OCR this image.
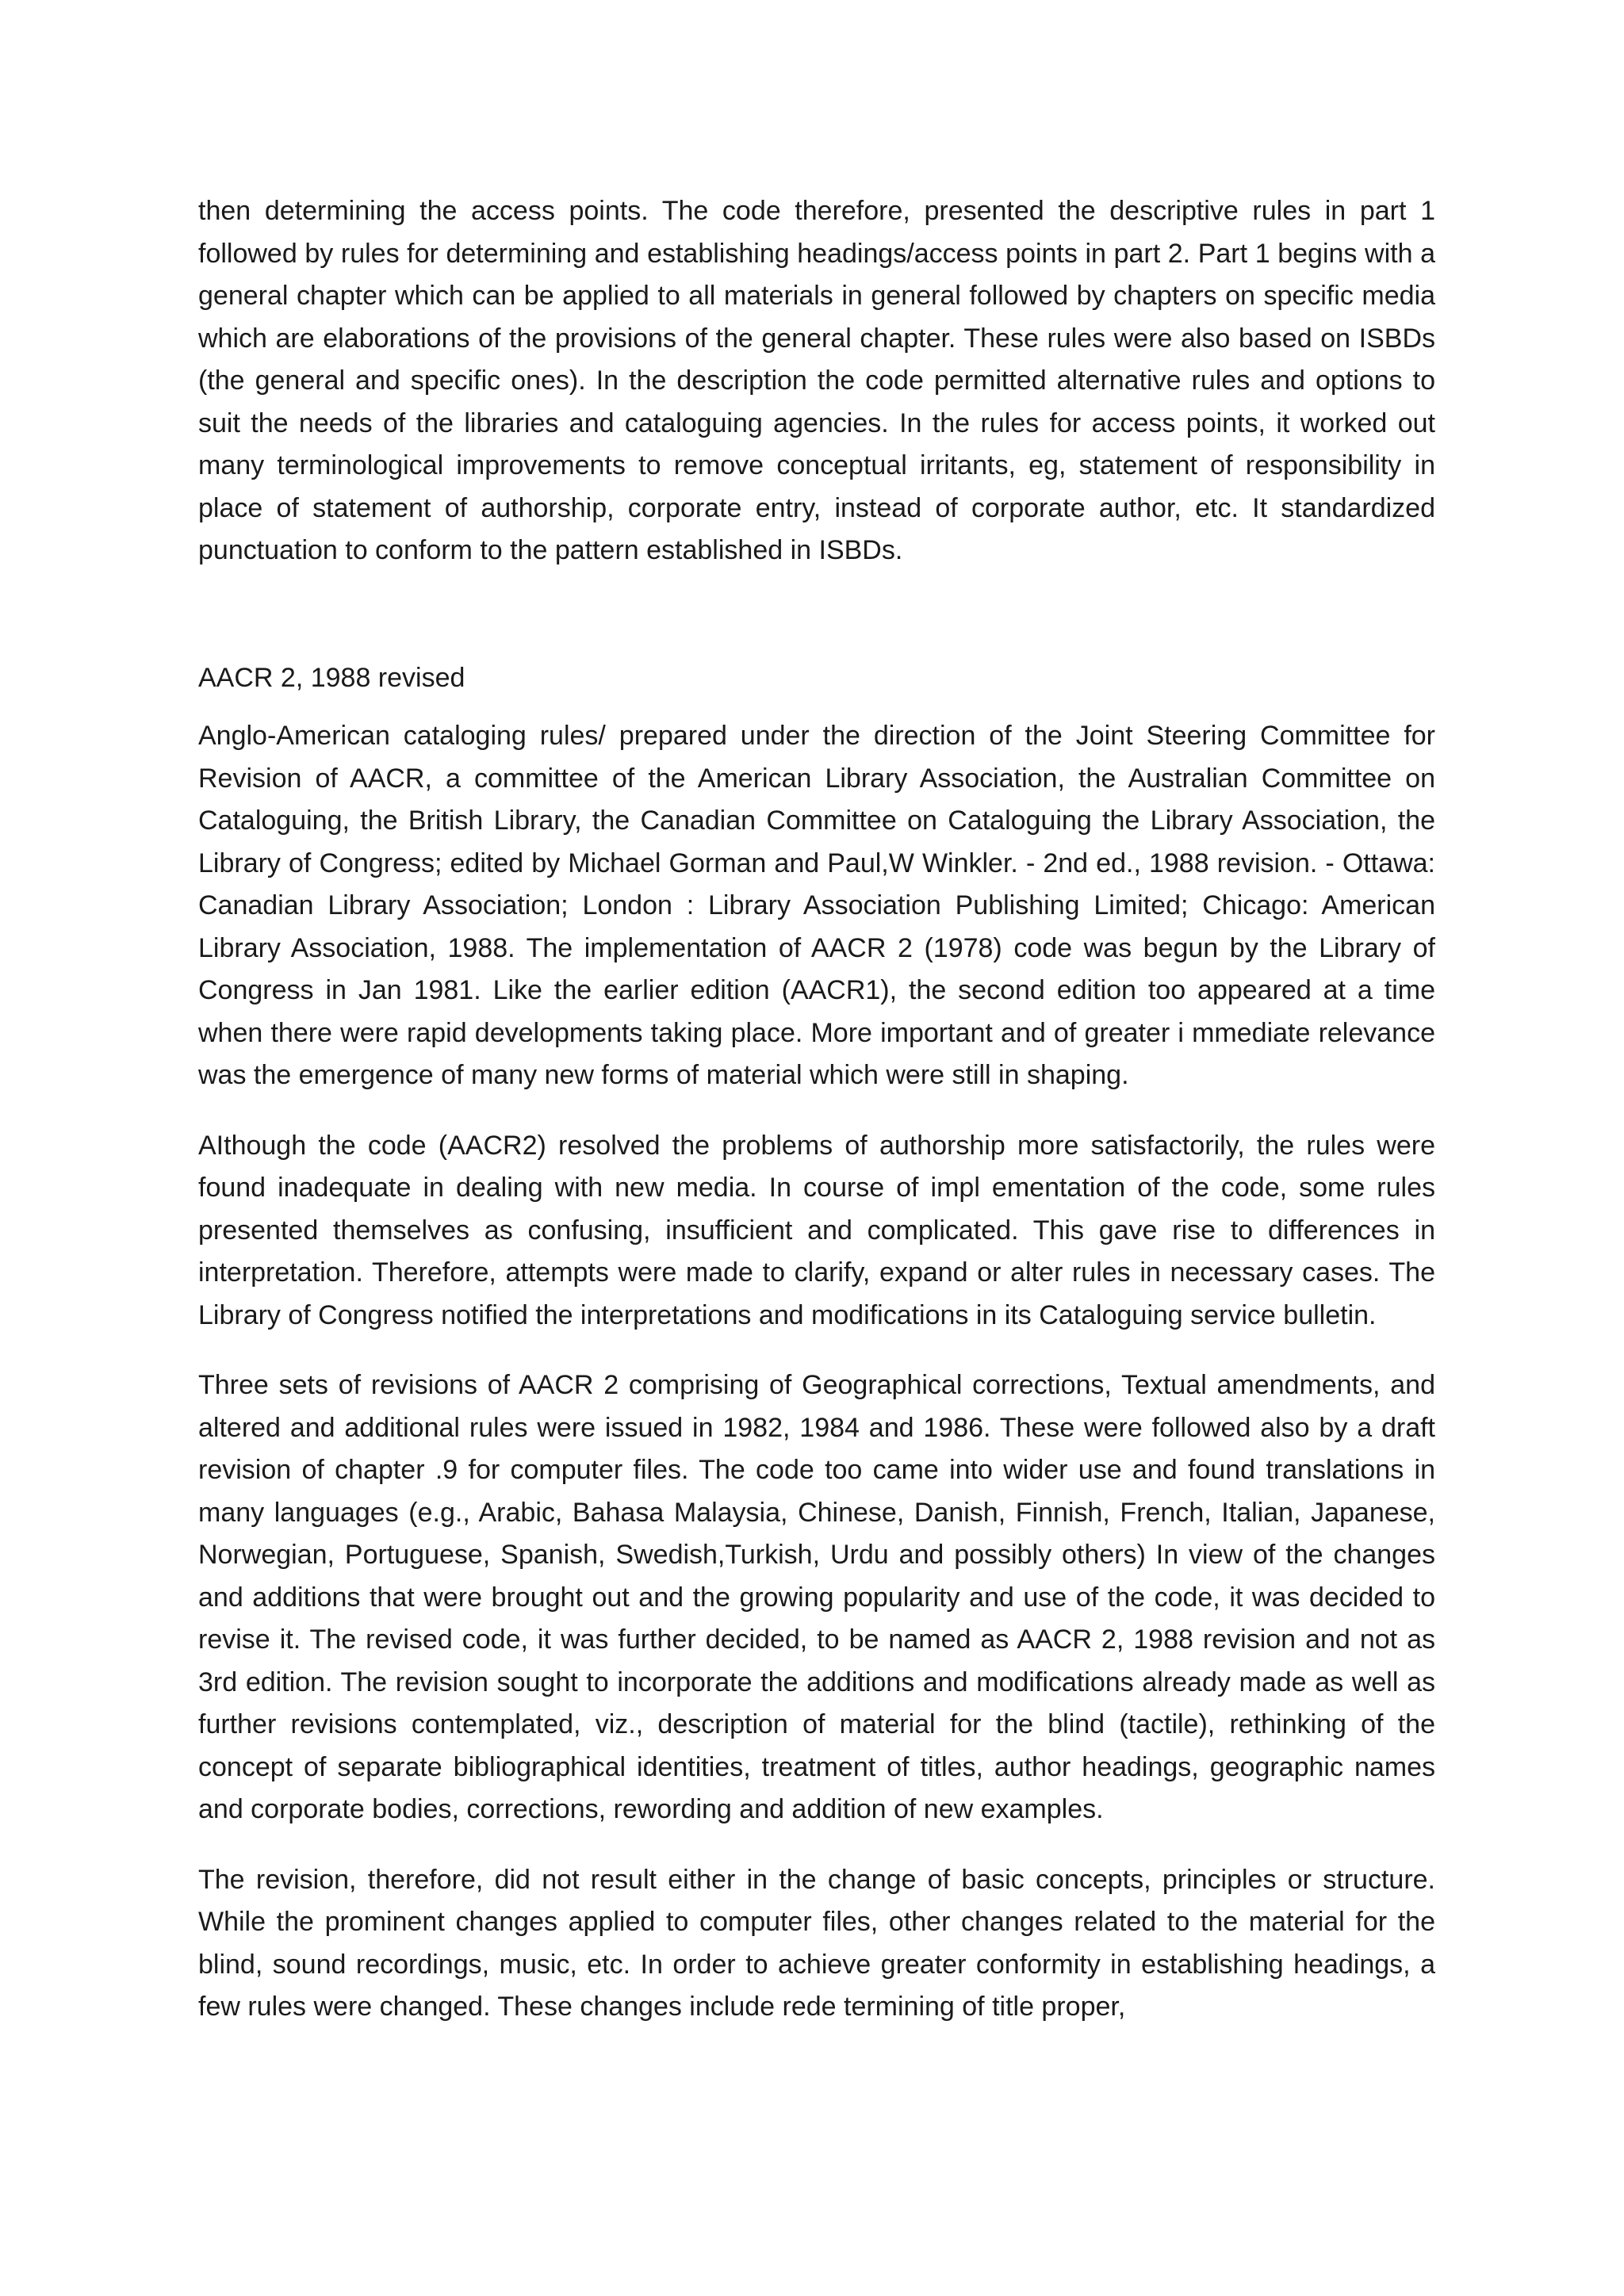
then determining the access points. The code therefore, presented the descriptive rules in part 1 followed by rules for determining and establishing headings/access points in part 2. Part 1 begins with a general chapter which can be applied to all materials in general followed by chapters on specific media which are elaborations of the provisions of the general chapter. These rules were also based on ISBDs (the general and specific ones). In the description the code permitted alternative rules and options to suit the needs of the libraries and cataloguing agencies. In the rules for access points, it worked out many terminological improvements to remove conceptual irritants, eg, statement of responsibility in place of statement of authorship, corporate entry, instead of corporate author, etc. It standardized punctuation to conform to the pattern established in ISBDs.

AACR 2, 1988 revised

Anglo-American cataloging rules/ prepared under the direction of the Joint Steering Committee for Revision of AACR, a committee of the American Library Association, the Australian Committee on Cataloguing, the British Library, the Canadian Committee on Cataloguing the Library Association, the Library of Congress; edited by Michael Gorman and Paul,W Winkler. - 2nd ed., 1988 revision. - Ottawa: Canadian Library Association; London : Library Association Publishing Limited; Chicago: American Library Association, 1988. The implementation of AACR 2 (1978) code was begun by the Library of Congress in Jan 1981. Like the earlier edition (AACR1), the second edition too appeared at a time when there were rapid developments taking place. More important and of greater i mmediate relevance was the emergence of many new forms of material which were still in shaping.

AIthough the code (AACR2) resolved the problems of authorship more satisfactorily, the rules were found inadequate in dealing with new media. In course of impl ementation of the code, some rules presented themselves as confusing, insufficient and complicated. This gave rise to differences in interpretation. Therefore, attempts were made to clarify, expand or alter rules in necessary cases. The Library of Congress notified the interpretations and modifications in its Cataloguing service bulletin.

Three sets of revisions of AACR 2 comprising of Geographical corrections, Textual amendments, and altered and additional rules were issued in 1982, 1984 and 1986. These were followed also by a draft revision of chapter .9 for computer files. The code too came into wider use and found translations in many languages (e.g., Arabic, Bahasa Malaysia, Chinese, Danish, Finnish, French, Italian, Japanese, Norwegian, Portuguese, Spanish, Swedish,Turkish, Urdu and possibly others) In view of the changes and additions that were brought out and the growing popularity and use of the code, it was decided to revise it. The revised code, it was further decided, to be named as AACR 2, 1988 revision and not as 3rd edition. The revision sought to incorporate the additions and modifications already made as well as further revisions contemplated, viz., description of material for the blind (tactile), rethinking of the concept of separate bibliographical identities, treatment of titles, author headings, geographic names and corporate bodies, corrections, rewording and addition of new examples.

The revision, therefore, did not result either in the change of basic concepts, principles or structure. While the prominent changes applied to computer files, other changes related to the material for the blind, sound recordings, music, etc. In order to achieve greater conformity in establishing headings, a few rules were changed. These changes include rede termining of title proper,
